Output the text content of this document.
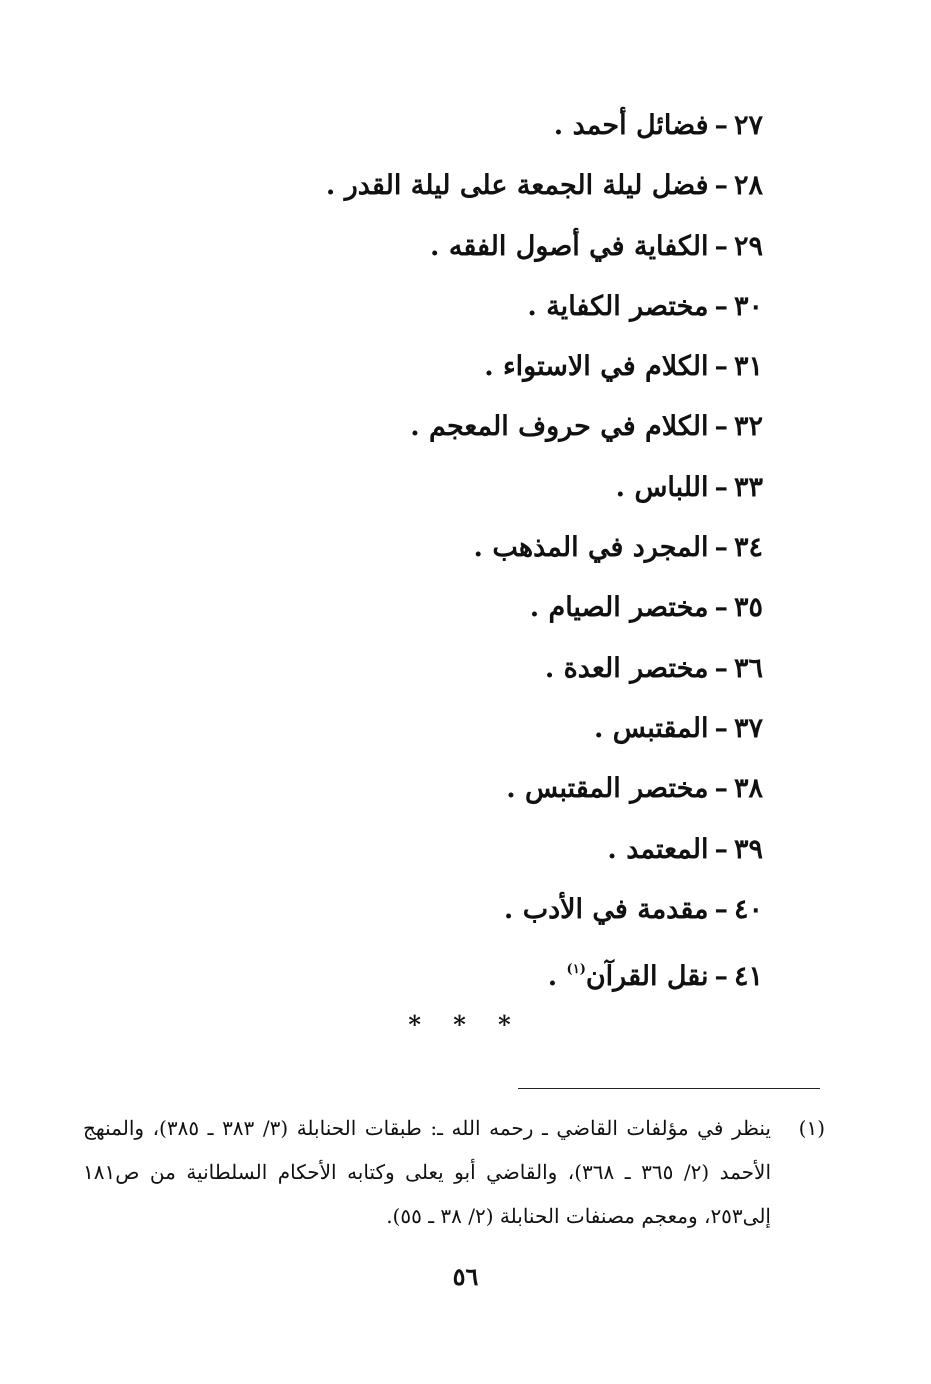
٢٧–فضائل أحمد .
٢٨–فضل ليلة الجمعة على ليلة القدر .
٢٩–الكفاية في أصول الفقه .
٣٠–مختصر الكفاية .
٣١–الكلام في الاستواء .
٣٢–الكلام في حروف المعجم .
٣٣–اللباس .
٣٤–المجرد في المذهب .
٣٥–مختصر الصيام .
٣٦–مختصر العدة .
٣٧–المقتبس .
٣٨–مختصر المقتبس .
٣٩–المعتمد .
٤٠–مقدمة في الأدب .
٤١–نقل القرآن$^{(١)}$ .
* * *
(١)

ينظر في مؤلفات القاضي ـ رحمه الله ـ: طبقات الحنابلة (٣/ ٣٨٣ ـ ٣٨٥)، والمنهج الأحمد (٢/ ٣٦٥ ـ ٣٦٨)، والقاضي أبو يعلى وكتابه الأحكام السلطانية من ص١٨١ إلى٢٥٣، ومعجم مصنفات الحنابلة (٢/ ٣٨ ـ ٥٥).

٥٦
